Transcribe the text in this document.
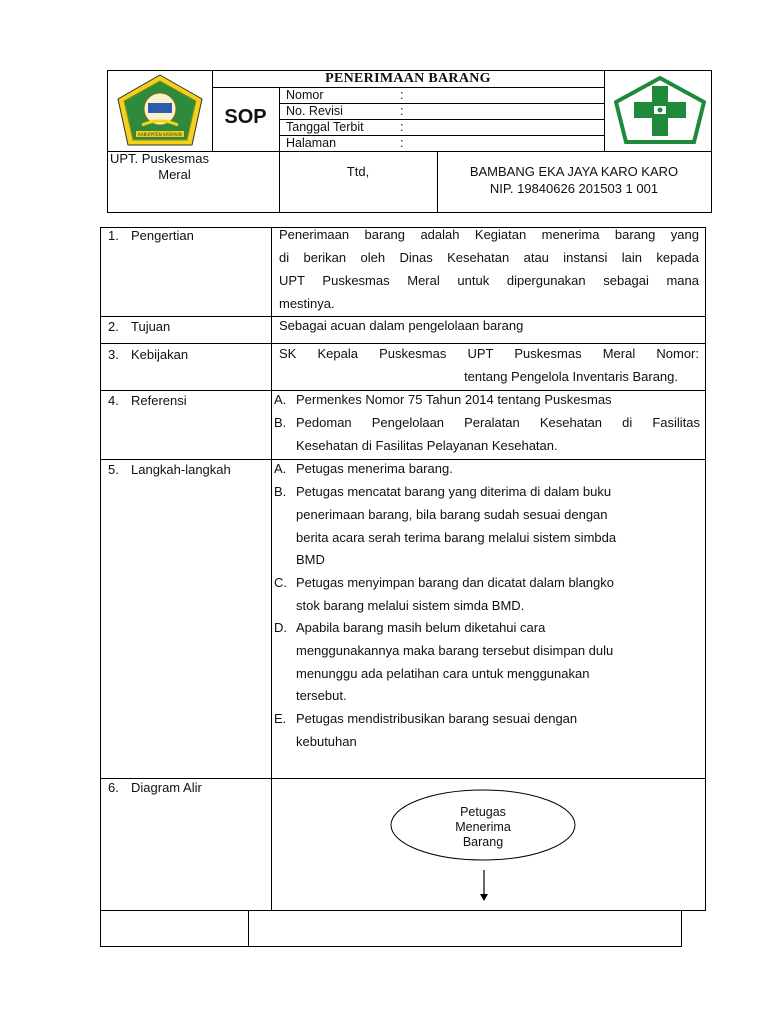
KABUPATEN KARIMUN
PENERIMAAN BARANG
SOP
Nomor	:
No. Revisi	:
Tanggal Terbit	:
Halaman	:
UPT. Puskesmas
Meral	Ttd,	BAMBANG EKA JAYA KARO KARO
NIP. 19840626 201503 1 001
1. Pengertian	Penerimaan barang adalah Kegiatan menerima barang yang
di berikan oleh Dinas Kesehatan atau instansi lain kepada
UPT Puskesmas Meral untuk dipergunakan sebagai mana
mestinya.
2. Tujuan	Sebagai acuan dalam pengelolaan barang
3. Kebijakan	SK Kepala Puskesmas UPT Puskesmas Meral Nomor:
tentang Pengelola Inventaris Barang.
4. Referensi	A. Permenkes Nomor 75 Tahun 2014 tentang Puskesmas
B. Pedoman Pengelolaan Peralatan Kesehatan di Fasilitas
Kesehatan di Fasilitas Pelayanan Kesehatan.
5. Langkah-langkah	A. Petugas menerima barang.
B. Petugas mencatat barang yang diterima di dalam buku
penerimaan barang, bila barang sudah sesuai dengan
berita acara serah terima barang melalui sistem simbda
BMD
C. Petugas menyimpan barang dan dicatat dalam blangko
stok barang melalui sistem simda BMD.
D. Apabila barang masih belum diketahui cara
menggunakannya maka barang tersebut disimpan dulu
menunggu ada pelatihan cara untuk menggunakan
tersebut.
E. Petugas mendistribusikan barang sesuai dengan
kebutuhan
6. Diagram Alir
Petugas
Menerima
Barang
